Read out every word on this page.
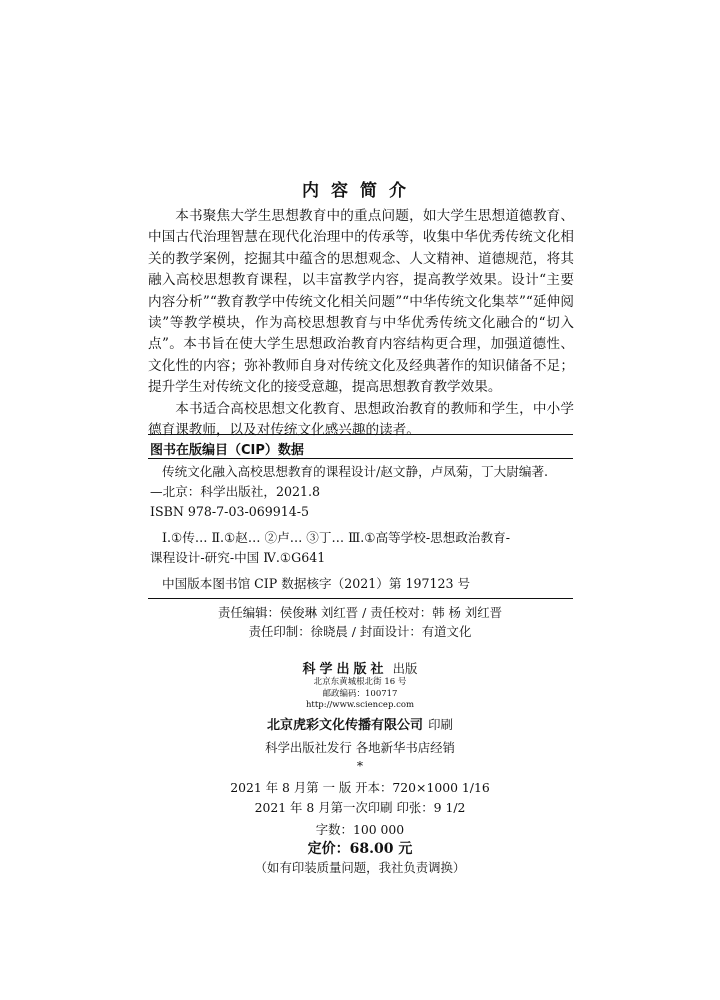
内容简介

本书聚焦大学生思想教育中的重点问题，如大学生思想道德教育、中国古代治理智慧在现代化治理中的传承等，收集中华优秀传统文化相关的教学案例，挖掘其中蕴含的思想观念、人文精神、道德规范，将其融入高校思想教育课程，以丰富教学内容，提高教学效果。设计“主要内容分析”“教育教学中传统文化相关问题”“中华传统文化集萃”“延伸阅读”等教学模块，作为高校思想教育与中华优秀传统文化融合的“切入点”。本书旨在使大学生思想政治教育内容结构更合理，加强道德性、文化性的内容；弥补教师自身对传统文化及经典著作的知识储备不足；提升学生对传统文化的接受意趣，提高思想教育教学效果。

本书适合高校思想文化教育、思想政治教育的教师和学生，中小学德育课教师，以及对传统文化感兴趣的读者。

图书在版编目（CIP）数据
传统文化融入高校思想教育的课程设计/赵文静，卢凤菊，丁大尉编著.
—北京：科学出版社，2021.8
ISBN 978-7-03-069914-5
Ⅰ.①传… Ⅱ.①赵… ②卢… ③丁… Ⅲ.①高等学校-思想政治教育-
课程设计-研究-中国 Ⅳ.①G641
中国版本图书馆 CIP 数据核字（2021）第 197123 号
责任编辑：侯俊琳 刘红晋 / 责任校对：韩 杨 刘红晋
责任印制：徐晓晨 / 封面设计：有道文化
科学出版社 出版
北京东黄城根北街 16 号
邮政编码：100717
http://www.sciencep.com
北京虎彩文化传播有限公司 印刷
科学出版社发行 各地新华书店经销
*
2021 年 8 月第 一 版 开本：720×1000 1/16
2021 年 8 月第一次印刷 印张：9 1/2
字数：100 000
定价：68.00 元
（如有印装质量问题，我社负责调换）
